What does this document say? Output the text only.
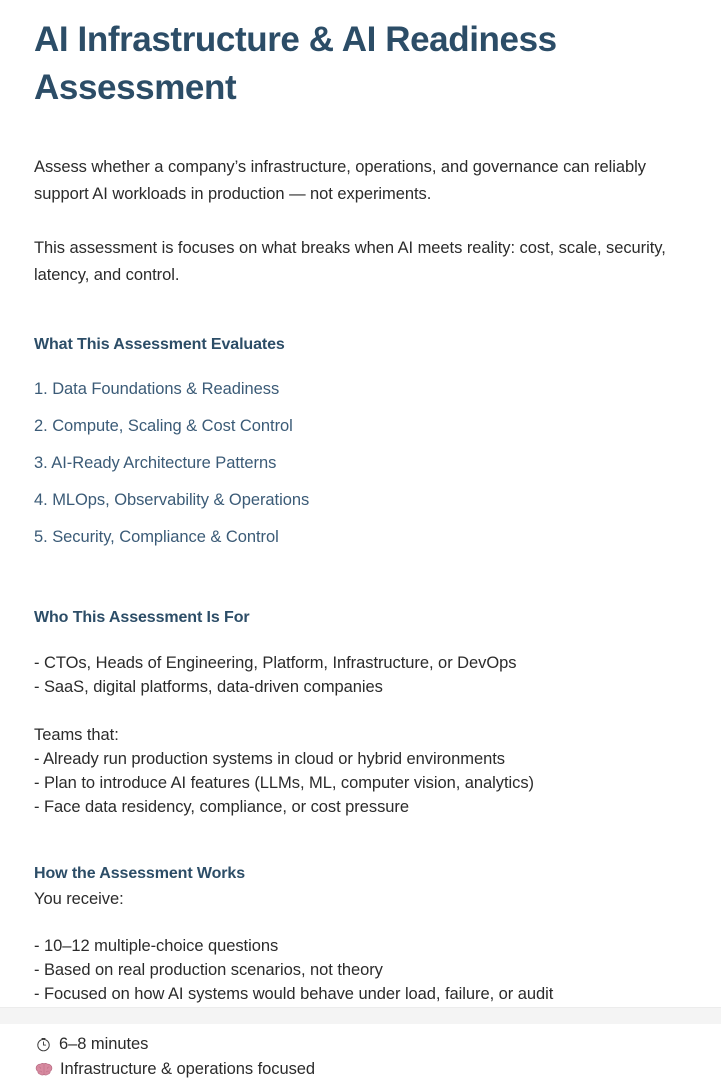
AI Infrastructure & AI Readiness Assessment

Assess whether a company’s infrastructure, operations, and governance can reliably support AI workloads in production — not experiments.

This assessment is focuses on what breaks when AI meets reality: cost, scale, security, latency, and control.

What This Assessment Evaluates
1. Data Foundations & Readiness
2. Compute, Scaling & Cost Control
3. AI-Ready Architecture Patterns
4. MLOps, Observability & Operations
5. Security, Compliance & Control
Who This Assessment Is For
- CTOs, Heads of Engineering, Platform, Infrastructure, or DevOps
- SaaS, digital platforms, data-driven companies
Teams that:
- Already run production systems in cloud or hybrid environments
- Plan to introduce AI features (LLMs, ML, computer vision, analytics)
- Face data residency, compliance, or cost pressure
How the Assessment Works
You receive:
- 10–12 multiple-choice questions
- Based on real production scenarios, not theory
- Focused on how AI systems would behave under load, failure, or audit
6–8 minutes
Infrastructure & operations focused
